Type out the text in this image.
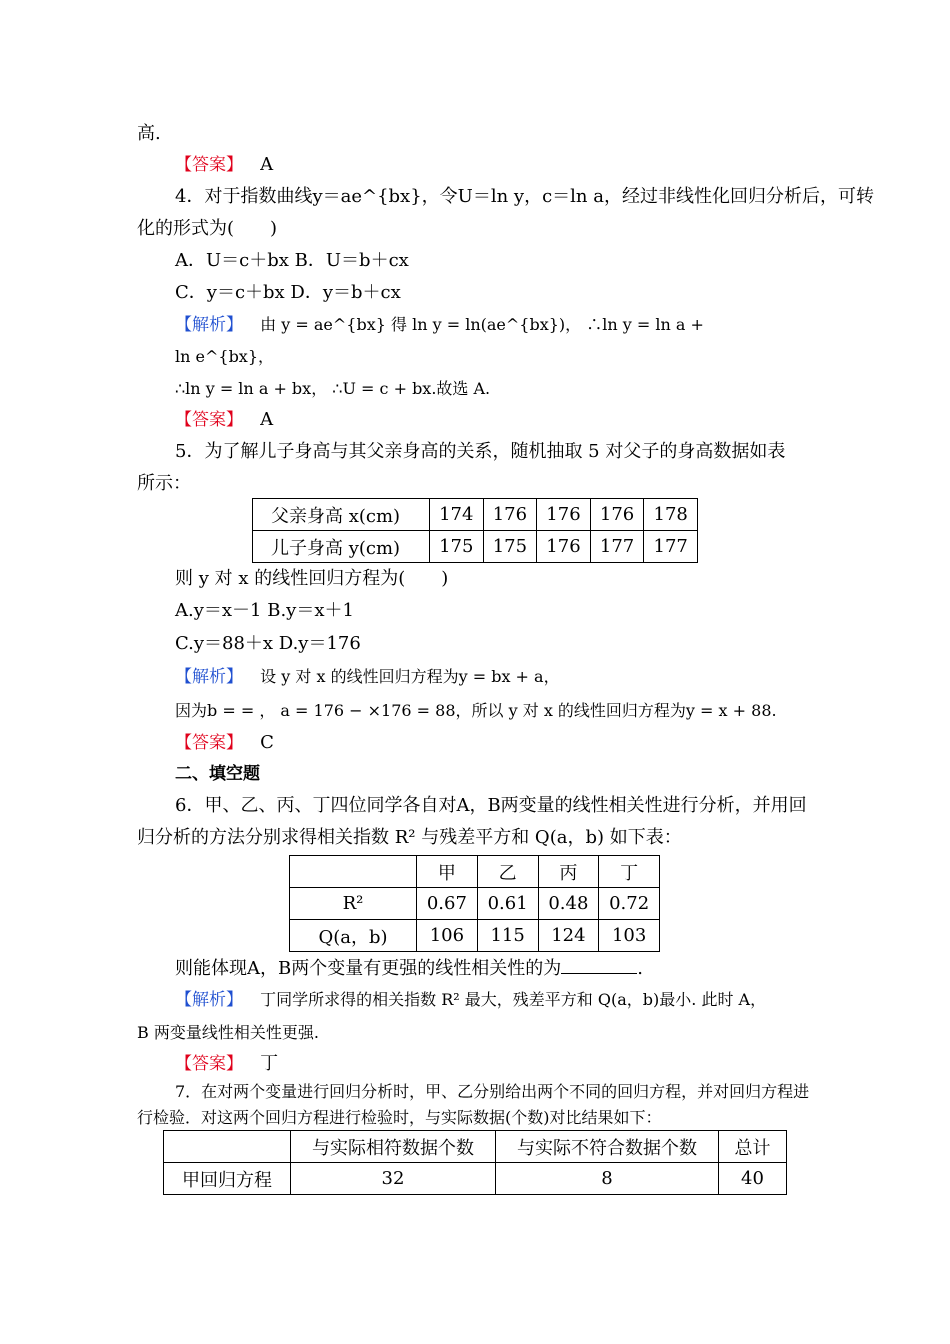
高.
【答案】 A
4．对于指数曲线y＝ae^{bx}，令U＝ln y，c＝ln a，经过非线性化回归分析后，可转
化的形式为(　　)
A．U＝c＋bx B．U＝b＋cx
C．y＝c＋bx D．y＝b＋cx
【解析】 由 y = ae^{bx} 得 ln y = ln(ae^{bx})， ∴ln y = ln a +
ln e^{bx}，
∴ln y = ln a + bx， ∴U = c + bx.故选 A.
【答案】 A
5．为了解儿子身高与其父亲身高的关系，随机抽取 5 对父子的身高数据如表
所示：
父亲身高 x(cm)	174	176	176	176	178
儿子身高 y(cm)	175	175	176	177	177
则 y 对 x 的线性回归方程为(　　)
A.y＝x－1 B.y＝x＋1
C.y＝88＋x D.y＝176
【解析】 设 y 对 x 的线性回归方程为y = bx + a，
因为b = = ， a = 176 − ×176 = 88，所以 y 对 x 的线性回归方程为y = x + 88.
【答案】 C
二、填空题
6．甲、乙、丙、丁四位同学各自对A，B两变量的线性相关性进行分析，并用回
归分析的方法分别求得相关指数 R² 与残差平方和 Q(a，b) 如下表：
	甲	乙	丙	丁
R²	0.67	0.61	0.48	0.72
Q(a，b)	106	115	124	103
则能体现A，B两个变量有更强的线性相关性的为	.
【解析】 丁同学所求得的相关指数 R² 最大，残差平方和 Q(a，b)最小. 此时 A，
B 两变量线性相关性更强.
【答案】 丁
7．在对两个变量进行回归分析时，甲、乙分别给出两个不同的回归方程，并对回归方程进
行检验．对这两个回归方程进行检验时，与实际数据(个数)对比结果如下：
	与实际相符数据个数	与实际不符合数据个数	总计
甲回归方程	32	8	40
